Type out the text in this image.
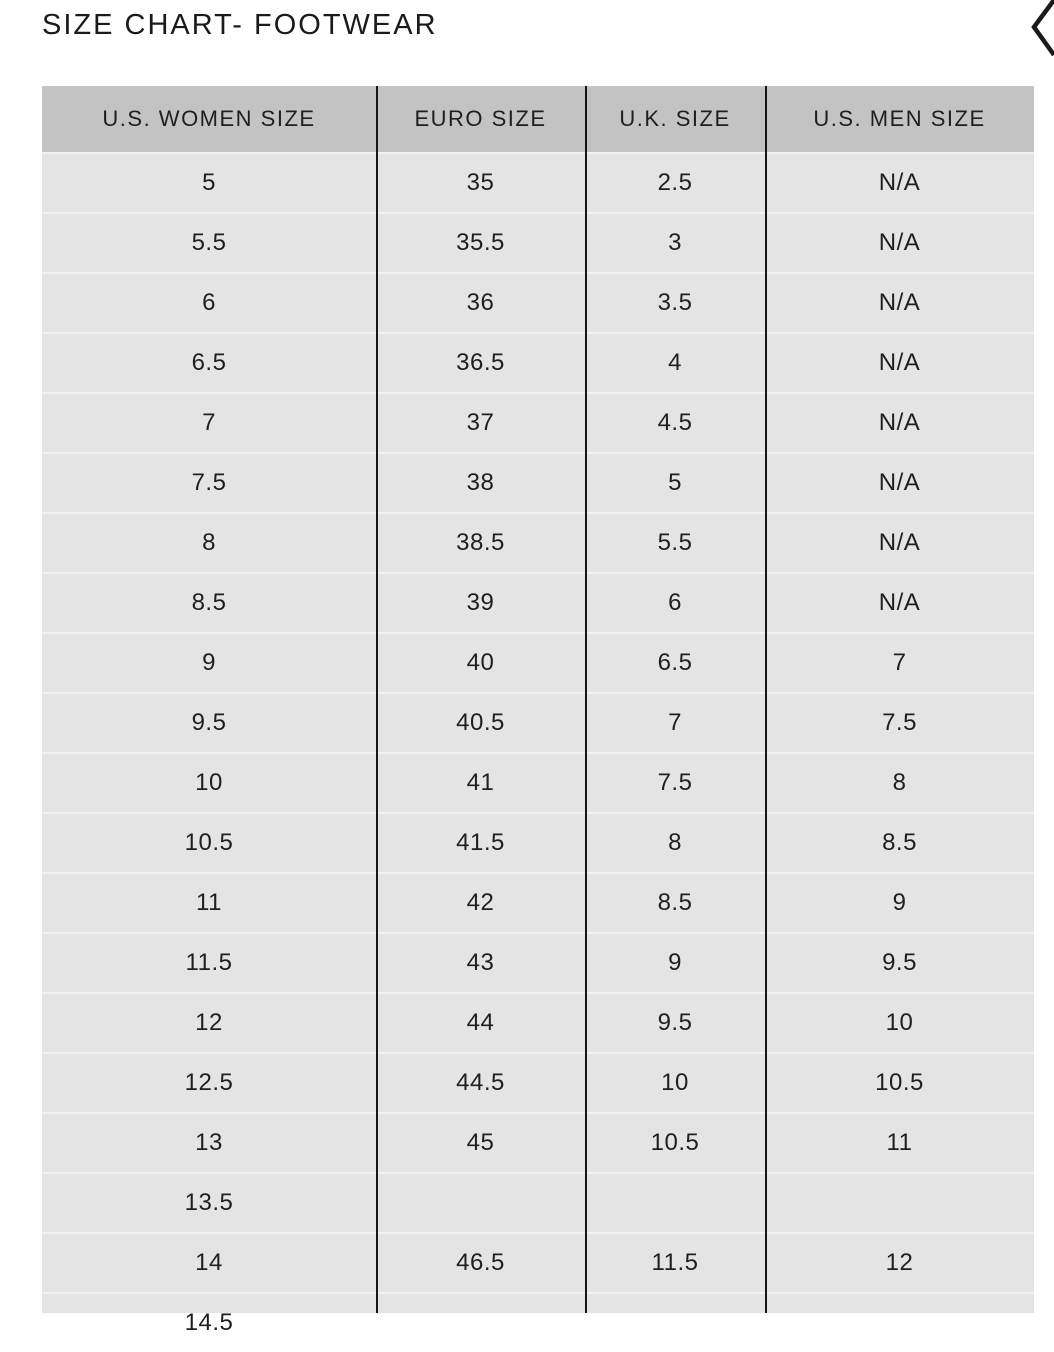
SIZE CHART- FOOTWEAR
U.S. WOMEN SIZE	EURO SIZE	U.K. SIZE	U.S. MEN SIZE
5	35	2.5	N/A
5.5	35.5	3	N/A
6	36	3.5	N/A
6.5	36.5	4	N/A
7	37	4.5	N/A
7.5	38	5	N/A
8	38.5	5.5	N/A
8.5	39	6	N/A
9	40	6.5	7
9.5	40.5	7	7.5
10	41	7.5	8
10.5	41.5	8	8.5
11	42	8.5	9
11.5	43	9	9.5
12	44	9.5	10
12.5	44.5	10	10.5
13	45	10.5	11
13.5
14	46.5	11.5	12
14.5
